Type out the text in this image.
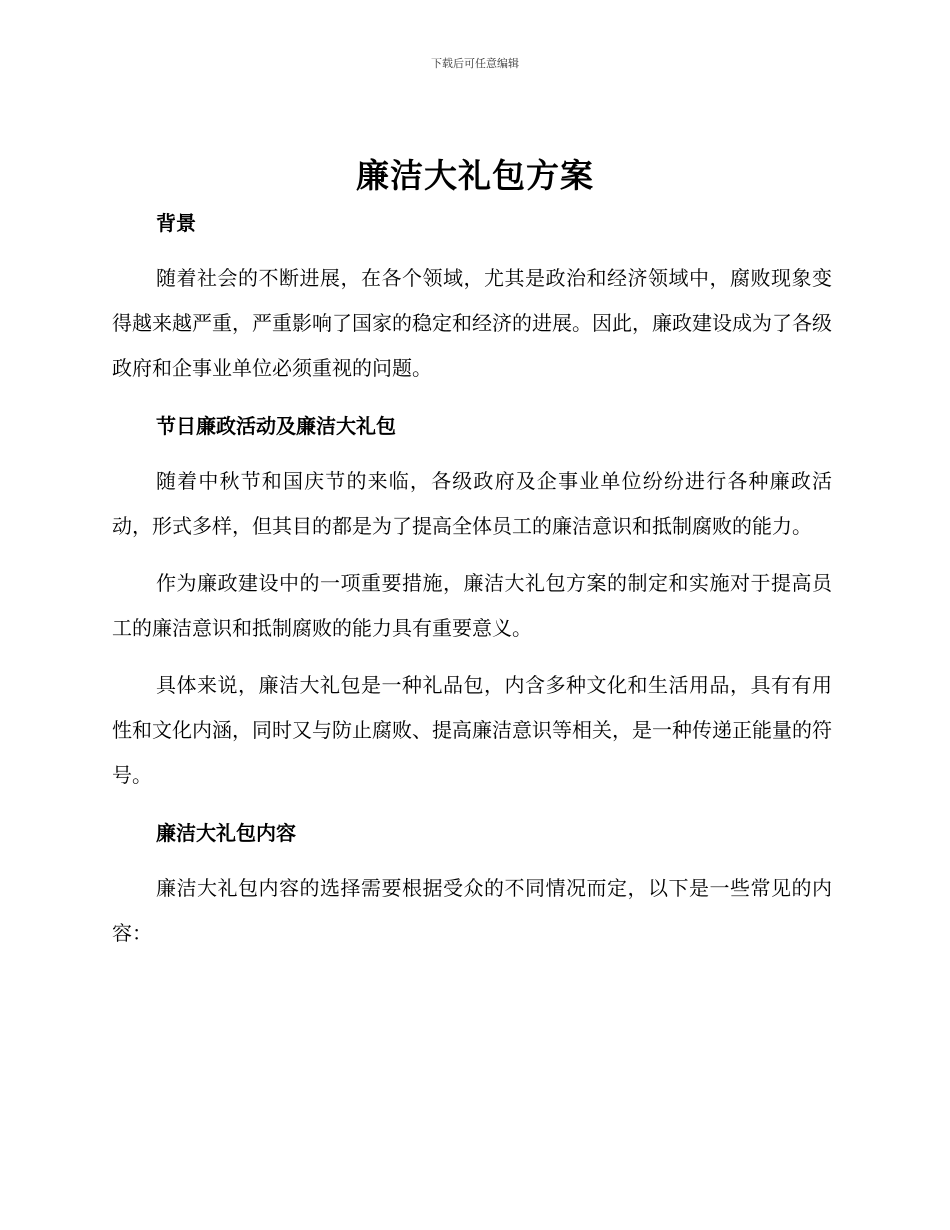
下载后可任意编辑
廉洁大礼包方案

背景

随着社会的不断进展，在各个领域，尤其是政治和经济领域中，腐败现象变得越来越严重，严重影响了国家的稳定和经济的进展。因此，廉政建设成为了各级政府和企事业单位必须重视的问题。

节日廉政活动及廉洁大礼包

随着中秋节和国庆节的来临，各级政府及企事业单位纷纷进行各种廉政活动，形式多样，但其目的都是为了提高全体员工的廉洁意识和抵制腐败的能力。

作为廉政建设中的一项重要措施，廉洁大礼包方案的制定和实施对于提高员工的廉洁意识和抵制腐败的能力具有重要意义。

具体来说，廉洁大礼包是一种礼品包，内含多种文化和生活用品，具有有用性和文化内涵，同时又与防止腐败、提高廉洁意识等相关，是一种传递正能量的符号。

廉洁大礼包内容

廉洁大礼包内容的选择需要根据受众的不同情况而定，以下是一些常见的内容：
